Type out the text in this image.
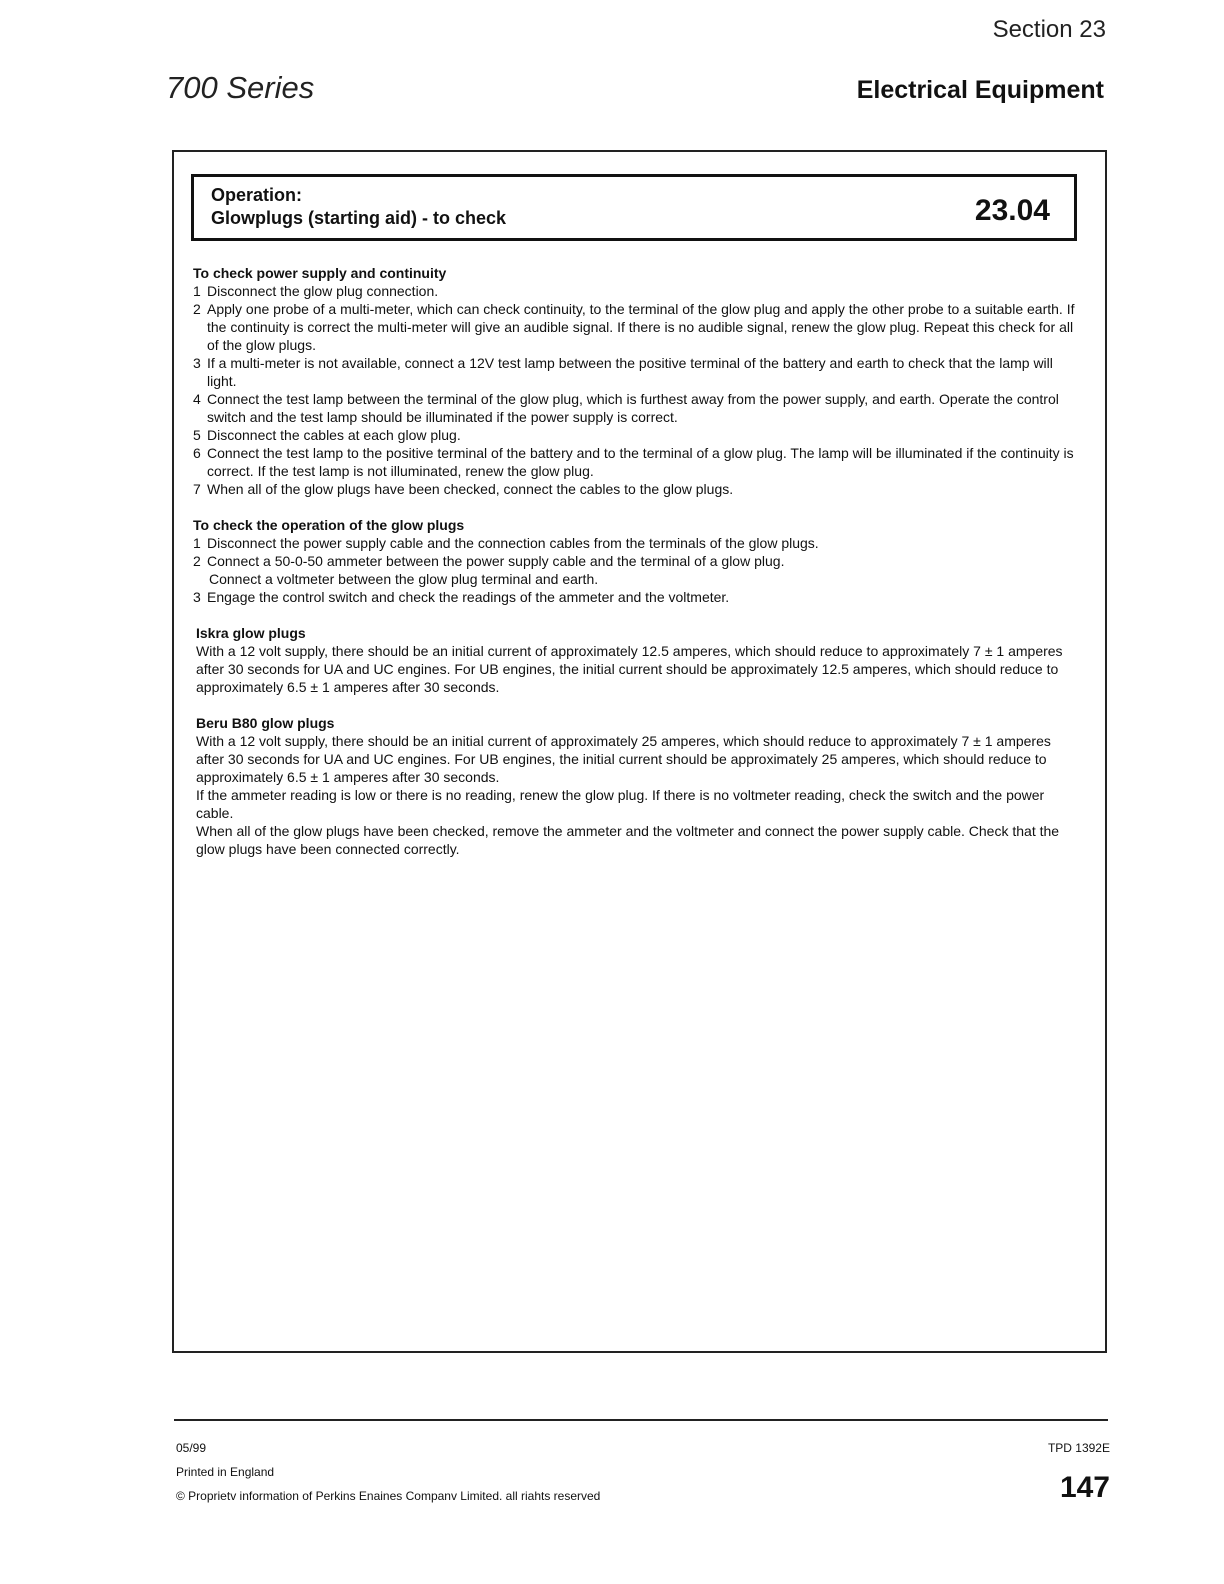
Section 23
700 Series	Electrical Equipment
Operation:
Glowplugs (starting aid) - to check	23.04

To check power supply and continuity

1 Disconnect the glow plug connection.

2 Apply one probe of a multi-meter, which can check continuity, to the terminal of the glow plug and apply the other probe to a suitable earth. If the continuity is correct the multi-meter will give an audible signal. If there is no audible signal, renew the glow plug. Repeat this check for all of the glow plugs.

3 If a multi-meter is not available, connect a 12V test lamp between the positive terminal of the battery and earth to check that the lamp will light.

4 Connect the test lamp between the terminal of the glow plug, which is furthest away from the power supply, and earth. Operate the control switch and the test lamp should be illuminated if the power supply is correct.

5 Disconnect the cables at each glow plug.

6 Connect the test lamp to the positive terminal of the battery and to the terminal of a glow plug. The lamp will be illuminated if the continuity is correct. If the test lamp is not illuminated, renew the glow plug.

7 When all of the glow plugs have been checked, connect the cables to the glow plugs.

To check the operation of the glow plugs

1 Disconnect the power supply cable and the connection cables from the terminals of the glow plugs.

2 Connect a 50-0-50 ammeter between the power supply cable and the terminal of a glow plug.

Connect a voltmeter between the glow plug terminal and earth.

3 Engage the control switch and check the readings of the ammeter and the voltmeter.

Iskra glow plugs

With a 12 volt supply, there should be an initial current of approximately 12.5 amperes, which should reduce to approximately 7 ± 1 amperes after 30 seconds for UA and UC engines. For UB engines, the initial current should be approximately 12.5 amperes, which should reduce to approximately 6.5 ± 1 amperes after 30 seconds.

Beru B80 glow plugs

With a 12 volt supply, there should be an initial current of approximately 25 amperes, which should reduce to approximately 7 ± 1 amperes after 30 seconds for UA and UC engines. For UB engines, the initial current should be approximately 25 amperes, which should reduce to approximately 6.5 ± 1 amperes after 30 seconds.

If the ammeter reading is low or there is no reading, renew the glow plug. If there is no voltmeter reading, check the switch and the power cable.

When all of the glow plugs have been checked, remove the ammeter and the voltmeter and connect the power supply cable. Check that the glow plugs have been connected correctly.

05/99
Printed in England
© Proprietv information of Perkins Enaines Companv Limited. all riahts reserved
TPD 1392E
147
